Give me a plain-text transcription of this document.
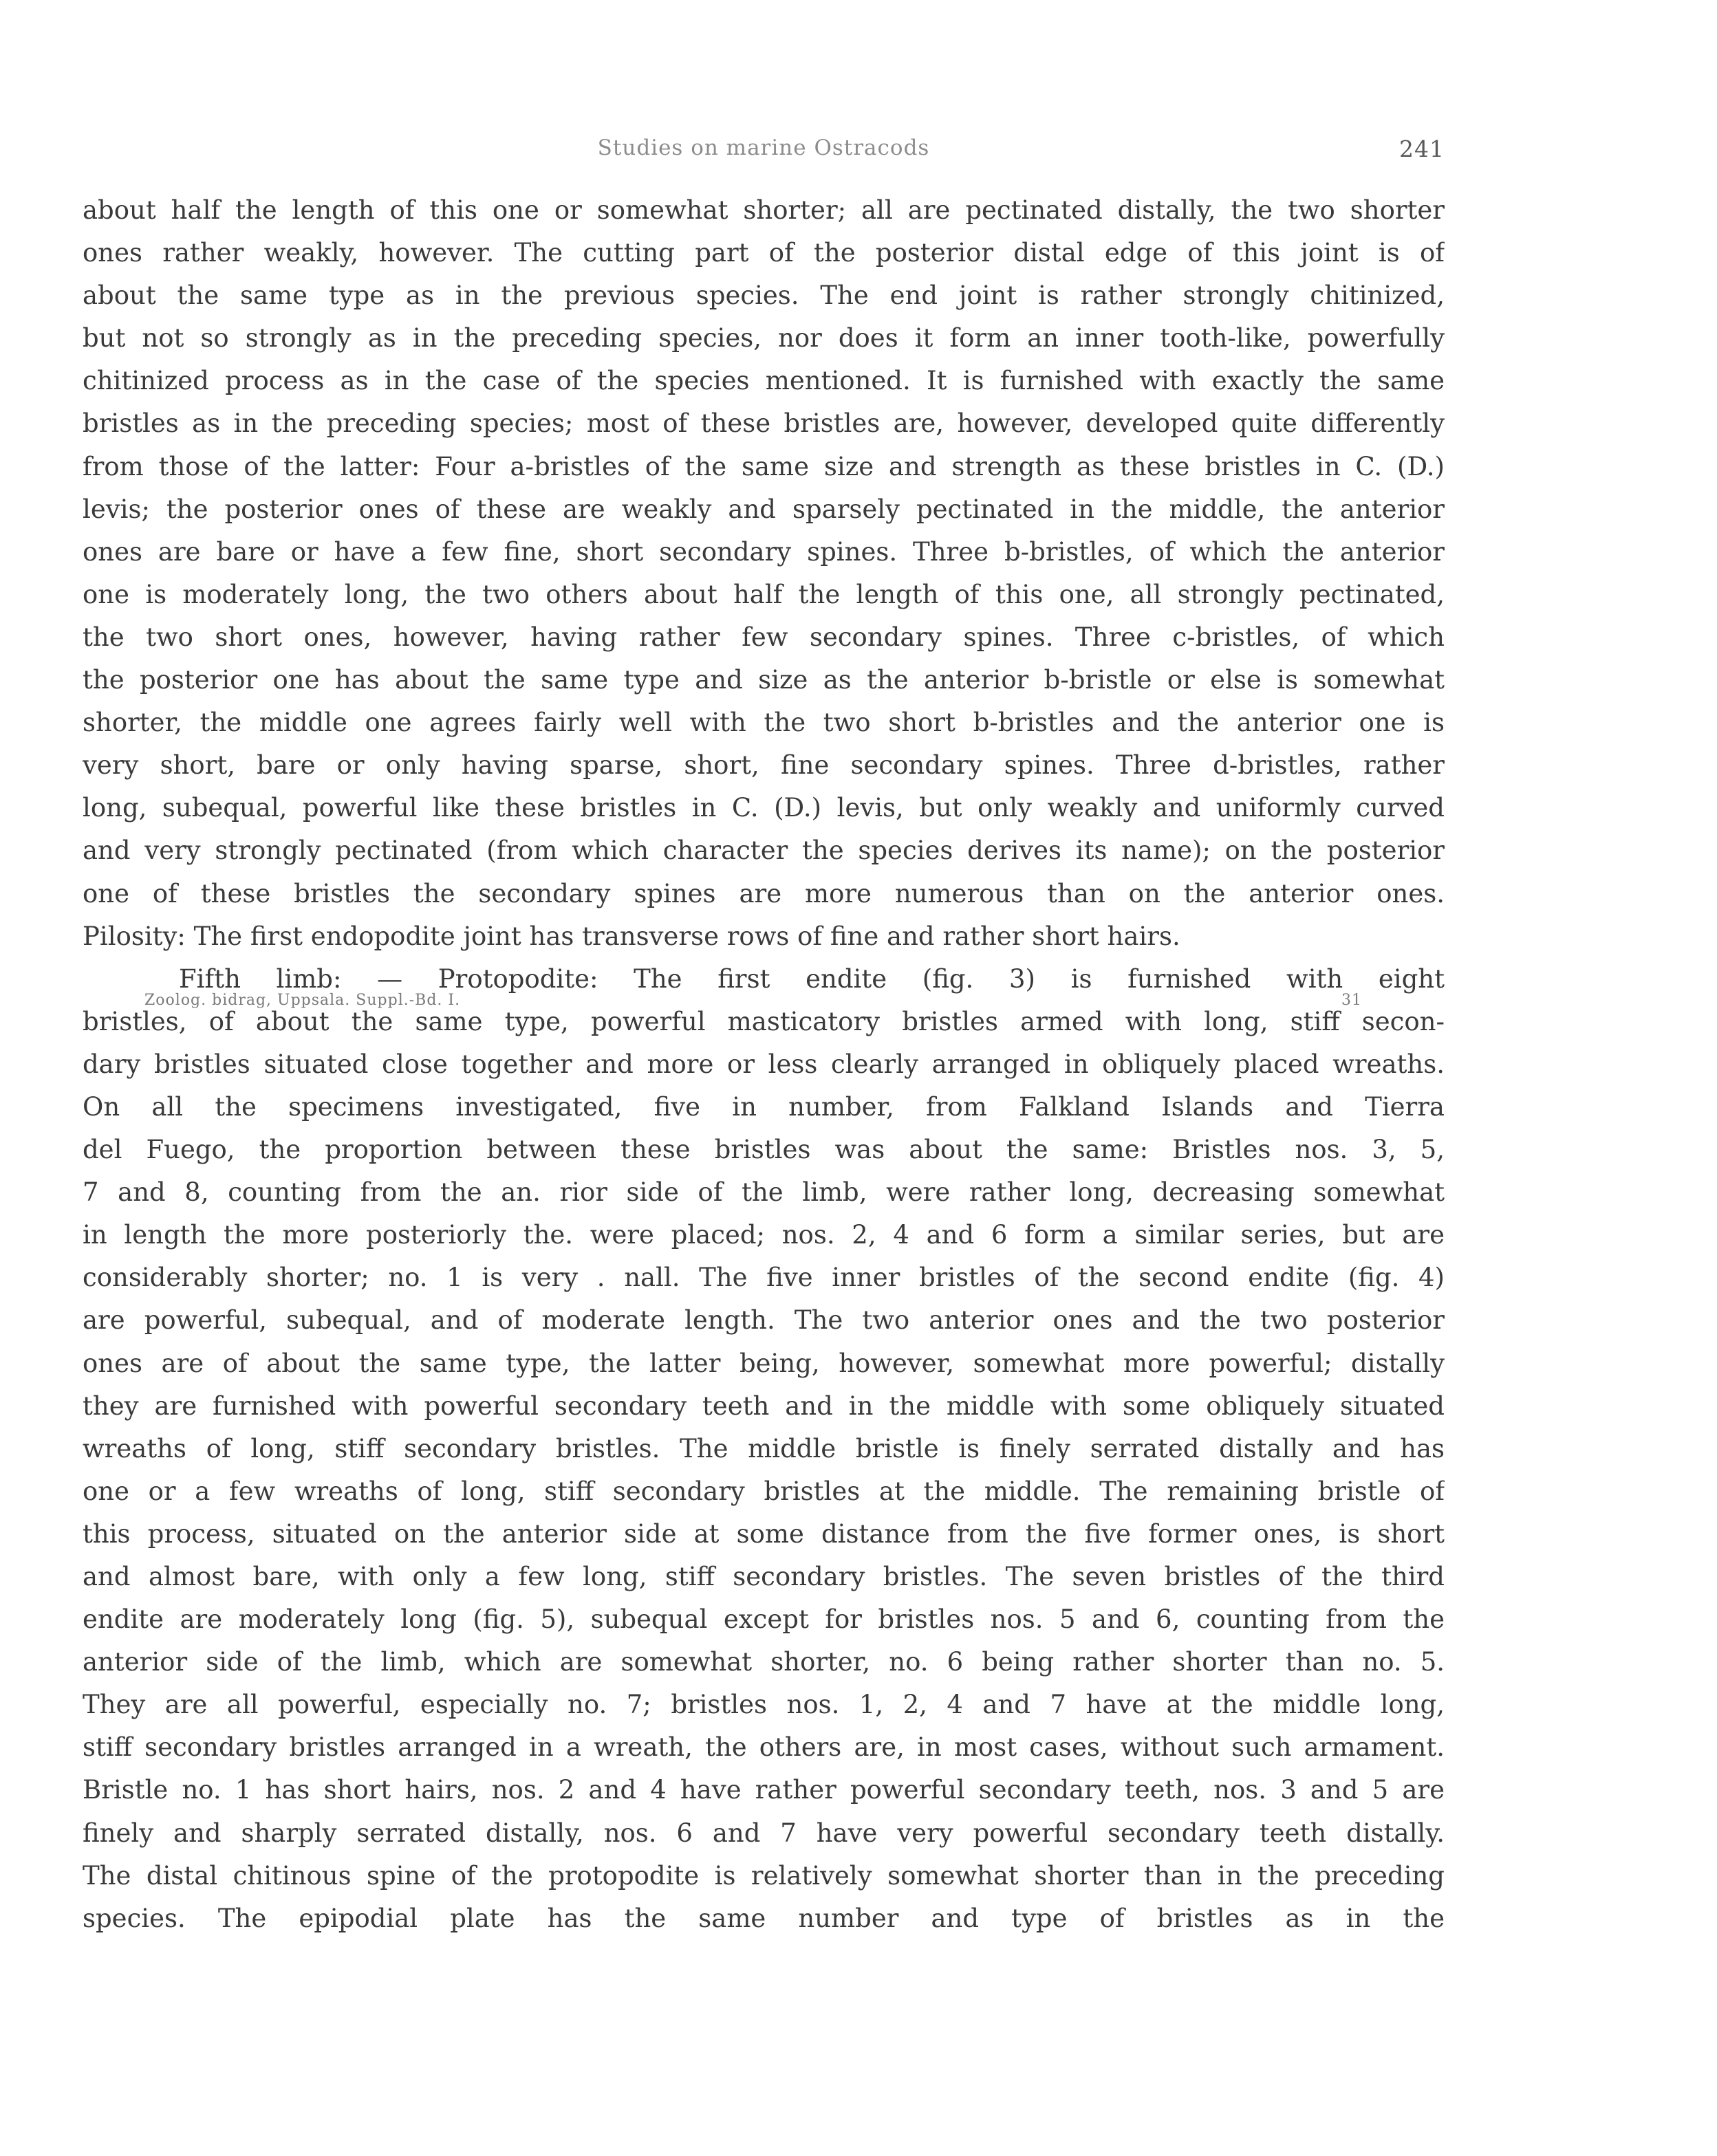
Studies on marine Ostracods	241
about half the length of this one or somewhat shorter; all are pectinated distally, the two shorter
ones rather weakly, however. The cutting part of the posterior distal edge of this joint is of
about the same type as in the previous species. The end joint is rather strongly chitinized,
but not so strongly as in the preceding species, nor does it form an inner tooth-like, powerfully
chitinized process as in the case of the species mentioned. It is furnished with exactly the same
bristles as in the preceding species; most of these bristles are, however, developed quite differently
from those of the latter: Four a-bristles of the same size and strength as these bristles in C. (D.)
levis; the posterior ones of these are weakly and sparsely pectinated in the middle, the anterior
ones are bare or have a few fine, short secondary spines. Three b-bristles, of which the anterior
one is moderately long, the two others about half the length of this one, all strongly pectinated,
the two short ones, however, having rather few secondary spines. Three c-bristles, of which
the posterior one has about the same type and size as the anterior b-bristle or else is somewhat
shorter, the middle one agrees fairly well with the two short b-bristles and the anterior one is
very short, bare or only having sparse, short, fine secondary spines. Three d-bristles, rather
long, subequal, powerful like these bristles in C. (D.) levis, but only weakly and uniformly curved
and very strongly pectinated (from which character the species derives its name); on the posterior
one of these bristles the secondary spines are more numerous than on the anterior ones.
Pilosity: The first endopodite joint has transverse rows of fine and rather short hairs.
Fifth limb: — Protopodite: The first endite (fig. 3) is furnished with eight
bristles, of about the same type, powerful masticatory bristles armed with long, stiff secon-
dary bristles situated close together and more or less clearly arranged in obliquely placed wreaths.
On all the specimens investigated, five in number, from Falkland Islands and Tierra
del Fuego, the proportion between these bristles was about the same: Bristles nos. 3, 5,
7 and 8, counting from the an. rior side of the limb, were rather long, decreasing somewhat
in length the more posteriorly the. were placed; nos. 2, 4 and 6 form a similar series, but are
considerably shorter; no. 1 is very . nall. The five inner bristles of the second endite (fig. 4)
are powerful, subequal, and of moderate length. The two anterior ones and the two posterior
ones are of about the same type, the latter being, however, somewhat more powerful; distally
they are furnished with powerful secondary teeth and in the middle with some obliquely situated
wreaths of long, stiff secondary bristles. The middle bristle is finely serrated distally and has
one or a few wreaths of long, stiff secondary bristles at the middle. The remaining bristle of
this process, situated on the anterior side at some distance from the five former ones, is short
and almost bare, with only a few long, stiff secondary bristles. The seven bristles of the third
endite are moderately long (fig. 5), subequal except for bristles nos. 5 and 6, counting from the
anterior side of the limb, which are somewhat shorter, no. 6 being rather shorter than no. 5.
They are all powerful, especially no. 7; bristles nos. 1, 2, 4 and 7 have at the middle long,
stiff secondary bristles arranged in a wreath, the others are, in most cases, without such armament.
Bristle no. 1 has short hairs, nos. 2 and 4 have rather powerful secondary teeth, nos. 3 and 5 are
finely and sharply serrated distally, nos. 6 and 7 have very powerful secondary teeth distally.
The distal chitinous spine of the protopodite is relatively somewhat shorter than in the preceding
species. The epipodial plate has the same number and type of bristles as in the
Zoolog. bidrag, Uppsala. Suppl.-Bd. I.	31
